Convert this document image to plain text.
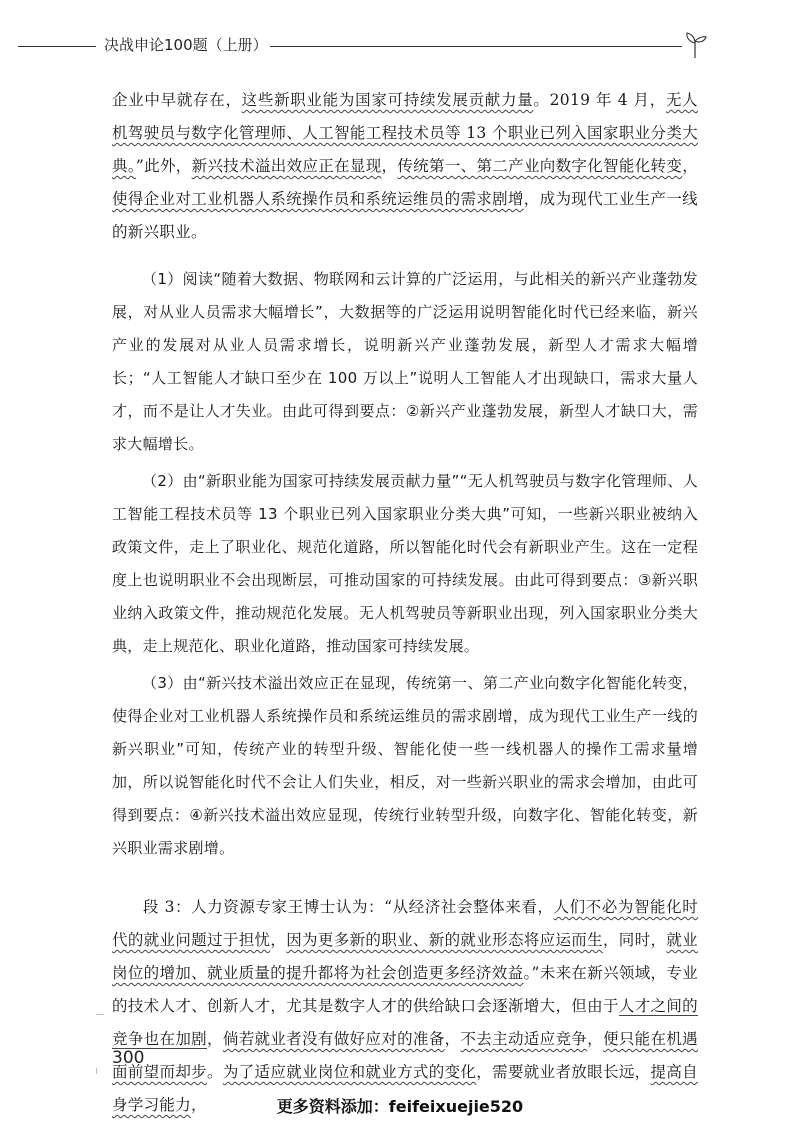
决战申论100题（上册）

企业中早就存在，这些新职业能为国家可持续发展贡献力量。2019 年 4 月，无人机驾驶员与数字化管理师、人工智能工程技术员等 13 个职业已列入国家职业分类大典。”此外，新兴技术溢出效应正在显现，传统第一、第二产业向数字化智能化转变，使得企业对工业机器人系统操作员和系统运维员的需求剧增，成为现代工业生产一线的新兴职业。

（1）阅读“随着大数据、物联网和云计算的广泛运用，与此相关的新兴产业蓬勃发展，对从业人员需求大幅增长”，大数据等的广泛运用说明智能化时代已经来临，新兴产业的发展对从业人员需求增长，说明新兴产业蓬勃发展，新型人才需求大幅增长；“人工智能人才缺口至少在 100 万以上”说明人工智能人才出现缺口，需求大量人才，而不是让人才失业。由此可得到要点：②新兴产业蓬勃发展，新型人才缺口大，需求大幅增长。

（2）由“新职业能为国家可持续发展贡献力量”“无人机驾驶员与数字化管理师、人工智能工程技术员等 13 个职业已列入国家职业分类大典”可知，一些新兴职业被纳入政策文件，走上了职业化、规范化道路，所以智能化时代会有新职业产生。这在一定程度上也说明职业不会出现断层，可推动国家的可持续发展。由此可得到要点：③新兴职业纳入政策文件，推动规范化发展。无人机驾驶员等新职业出现，列入国家职业分类大典，走上规范化、职业化道路，推动国家可持续发展。

（3）由“新兴技术溢出效应正在显现，传统第一、第二产业向数字化智能化转变，使得企业对工业机器人系统操作员和系统运维员的需求剧增，成为现代工业生产一线的新兴职业”可知，传统产业的转型升级、智能化使一些一线机器人的操作工需求量增加，所以说智能化时代不会让人们失业，相反，对一些新兴职业的需求会增加，由此可得到要点：④新兴技术溢出效应显现，传统行业转型升级，向数字化、智能化转变，新兴职业需求剧增。

段 3：人力资源专家王博士认为：“从经济社会整体来看，人们不必为智能化时代的就业问题过于担忧，因为更多新的职业、新的就业形态将应运而生，同时，就业岗位的增加、就业质量的提升都将为社会创造更多经济效益。”未来在新兴领域，专业的技术人才、创新人才，尤其是数字人才的供给缺口会逐渐增大，但由于人才之间的竞争也在加剧，倘若就业者没有做好应对的准备，不去主动适应竞争，便只能在机遇面前望而却步。为了适应就业岗位和就业方式的变化，需要就业者放眼长远，提高自身学习能力，

300
更多资料添加：feifeixuejie520
